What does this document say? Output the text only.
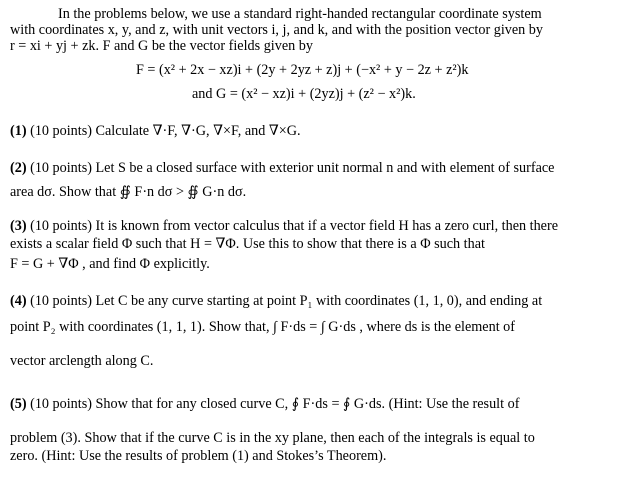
In the problems below, we use a standard right-handed rectangular coordinate system
with coordinates x, y, and z, with unit vectors i, j, and k, and with the position vector given by
r = xi + yj + zk. F and G be the vector fields given by
F = (x² + 2x − xz)i + (2y + 2yz + z)j + (−x² + y − 2z + z²)k
and G = (x² − xz)i + (2yz)j + (z² − x²)k.
(1) (10 points) Calculate ∇·F, ∇·G, ∇×F, and ∇×G.
(2) (10 points) Let S be a closed surface with exterior unit normal n and with element of surface
area dσ. Show that ∯ F·n dσ > ∯ G·n dσ.
(3) (10 points) It is known from vector calculus that if a vector field H has a zero curl, then there
exists a scalar field Φ such that H = ∇Φ. Use this to show that there is a Φ such that
F = G + ∇Φ , and find Φ explicitly.
(4) (10 points) Let C be any curve starting at point P₁ with coordinates (1, 1, 0), and ending at
point P₂ with coordinates (1, 1, 1). Show that, ∫ F·ds = ∫ G·ds , where ds is the element of
vector arclength along C.
(5) (10 points) Show that for any closed curve C, ∮ F·ds = ∮ G·ds. (Hint: Use the result of
problem (3). Show that if the curve C is in the xy plane, then each of the integrals is equal to
zero. (Hint: Use the results of problem (1) and Stokes’s Theorem).
